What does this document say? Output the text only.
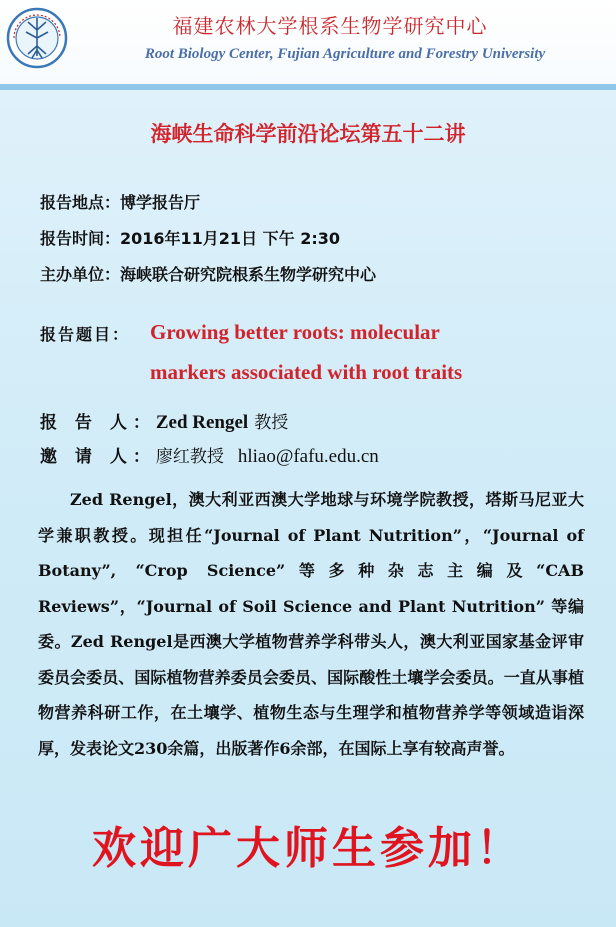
福建农林大学根系生物学研究中心
Root Biology Center, Fujian Agriculture and Forestry University
海峡生命科学前沿论坛第五十二讲
报告地点：博学报告厅
报告时间：2016年11月21日 下午 2:30
主办单位：海峡联合研究院根系生物学研究中心
报告题目： Growing better roots: molecular
markers associated with root traits
报 告 人：Zed Rengel 教授
邀 请 人：廖红教授 hliao@fafu.edu.cn
Zed Rengel，澳大利亚西澳大学地球与环境学院教授，塔斯马尼亚大学兼职教授。现担任“Journal of Plant Nutrition”，“Journal of Botany”, “Crop Science”等多种杂志主编及“CAB Reviews”，“Journal of Soil Science and Plant Nutrition” 等编委。Zed Rengel是西澳大学植物营养学科带头人，澳大利亚国家基金评审委员会委员、国际植物营养委员会委员、国际酸性土壤学会委员。一直从事植物营养科研工作，在土壤学、植物生态与生理学和植物营养学等领域造诣深厚，发表论文230余篇，出版著作6余部，在国际上享有较高声誉。
欢迎广大师生参加！
